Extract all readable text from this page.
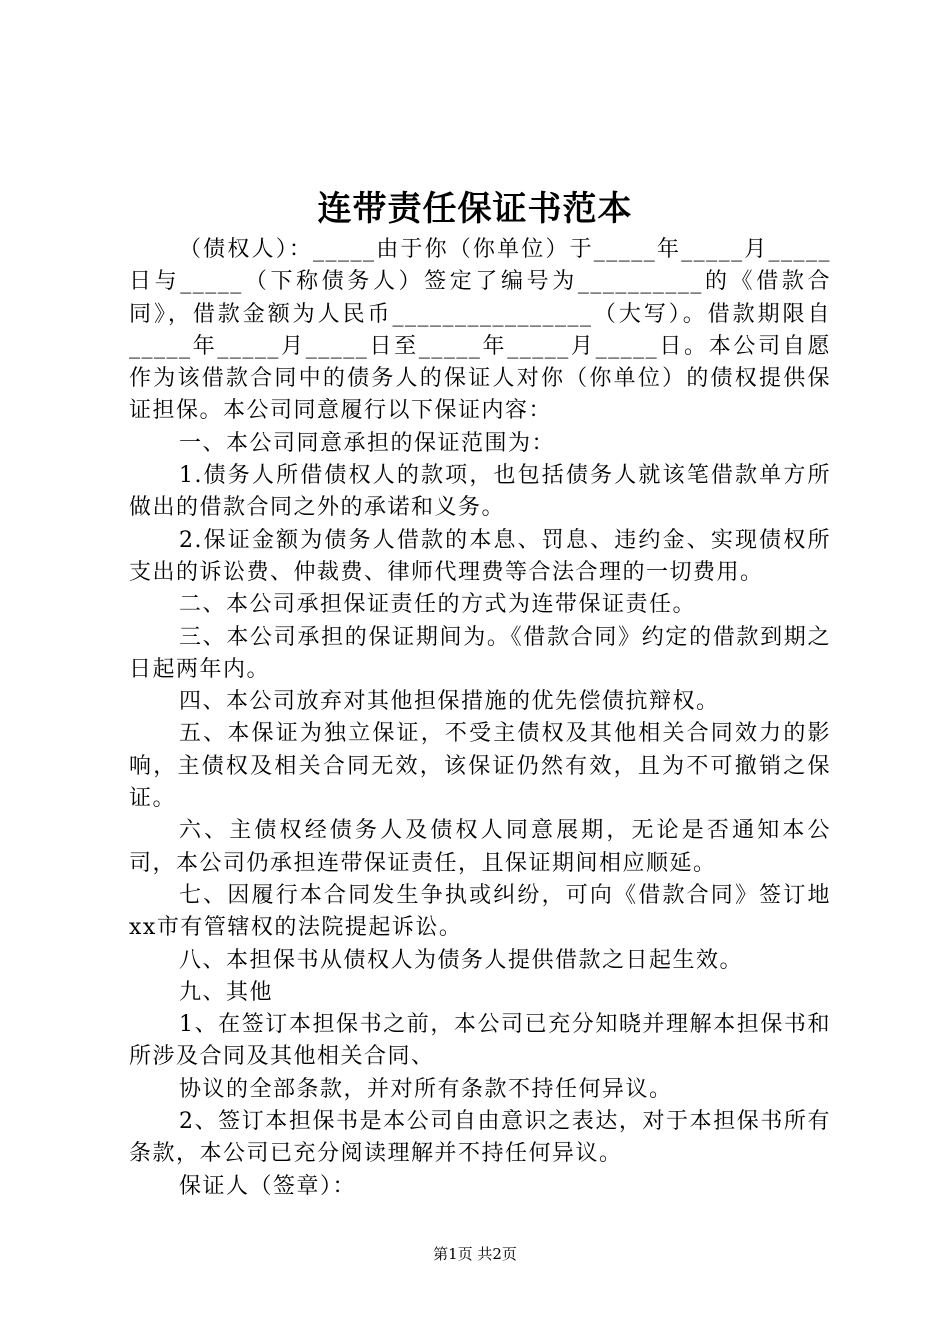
连带责任保证书范本

（债权人）：_____由于你（你单位）于_____年_____月_____日与_____（下称债务人）签定了编号为__________的《借款合同》，借款金额为人民币________________（大写）。借款期限自_____年_____月_____日至_____年_____月_____日。本公司自愿作为该借款合同中的债务人的保证人对你（你单位）的债权提供保证担保。本公司同意履行以下保证内容：

一、本公司同意承担的保证范围为：

1.债务人所借债权人的款项，也包括债务人就该笔借款单方所做出的借款合同之外的承诺和义务。

2.保证金额为债务人借款的本息、罚息、违约金、实现债权所支出的诉讼费、仲裁费、律师代理费等合法合理的一切费用。

二、本公司承担保证责任的方式为连带保证责任。

三、本公司承担的保证期间为。《借款合同》约定的借款到期之日起两年内。

四、本公司放弃对其他担保措施的优先偿债抗辩权。

五、本保证为独立保证，不受主债权及其他相关合同效力的影响，主债权及相关合同无效，该保证仍然有效，且为不可撤销之保证。

六、主债权经债务人及债权人同意展期，无论是否通知本公司，本公司仍承担连带保证责任，且保证期间相应顺延。

七、因履行本合同发生争执或纠纷，可向《借款合同》签订地xx市有管辖权的法院提起诉讼。

八、本担保书从债权人为债务人提供借款之日起生效。

九、其他

1、在签订本担保书之前，本公司已充分知晓并理解本担保书和所涉及合同及其他相关合同、

协议的全部条款，并对所有条款不持任何异议。

2、签订本担保书是本公司自由意识之表达，对于本担保书所有条款，本公司已充分阅读理解并不持任何异议。

保证人（签章）：

第1页 共2页
